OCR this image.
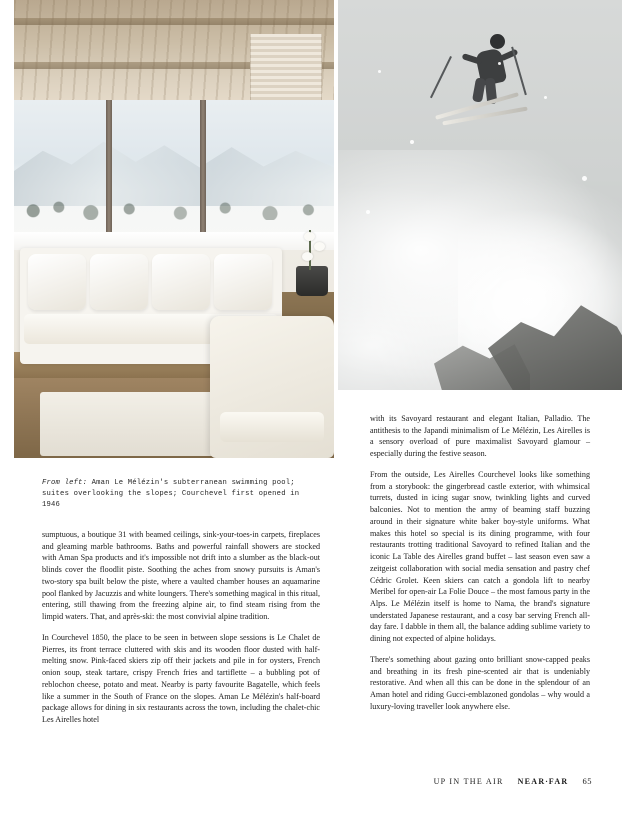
From left: Aman Le Mélézin's subterranean swimming pool; suites overlooking the slopes; Courchevel first opened in 1946

sumptuous, a boutique 31 with beamed ceilings, sink-your-toes-in carpets, fireplaces and gleaming marble bathrooms. Baths and powerful rainfall showers are stocked with Aman Spa products and it's impossible not drift into a slumber as the black-out blinds cover the floodlit piste. Soothing the aches from snowy pursuits is Aman's two-story spa built below the piste, where a vaulted chamber houses an aquamarine pool flanked by Jacuzzis and white loungers. There's something magical in this ritual, entering, still thawing from the freezing alpine air, to find steam rising from the limpid waters. That, and après-ski: the most convivial alpine tradition.

In Courchevel 1850, the place to be seen in between slope sessions is Le Chalet de Pierres, its front terrace cluttered with skis and its wooden floor dusted with half-melting snow. Pink-faced skiers zip off their jackets and pile in for oysters, French onion soup, steak tartare, crispy French fries and tartiflette – a bubbling pot of reblochon cheese, potato and meat. Nearby is party favourite Bagatelle, which feels like a summer in the South of France on the slopes. Aman Le Mélézin's half-board package allows for dining in six restaurants across the town, including the chalet-chic Les Airelles hotel

with its Savoyard restaurant and elegant Italian, Palladio. The antithesis to the Japandi minimalism of Le Mélézin, Les Airelles is a sensory overload of pure maximalist Savoyard glamour – especially during the festive season.

From the outside, Les Airelles Courchevel looks like something from a storybook: the gingerbread castle exterior, with whimsical turrets, dusted in icing sugar snow, twinkling lights and curved balconies. Not to mention the army of beaming staff buzzing around in their signature white baker boy-style uniforms. What makes this hotel so special is its dining programme, with four restaurants trotting traditional Savoyard to refined Italian and the iconic La Table des Airelles grand buffet – last season even saw a zeitgeist collaboration with social media sensation and pastry chef Cédric Grolet. Keen skiers can catch a gondola lift to nearby Meribel for open-air La Folie Douce – the most famous party in the Alps. Le Mélézin itself is home to Nama, the brand's signature understated Japanese restaurant, and a cosy bar serving French all-day fare. I dabble in them all, the balance adding sublime variety to dining not expected of alpine holidays.

There's something about gazing onto brilliant snow-capped peaks and breathing in its fresh pine-scented air that is undeniably restorative. And when all this can be done in the splendour of an Aman hotel and riding Gucci-emblazoned gondolas – why would a luxury-loving traveller look anywhere else.

UP IN THE AIR NEAR∙FAR 65
